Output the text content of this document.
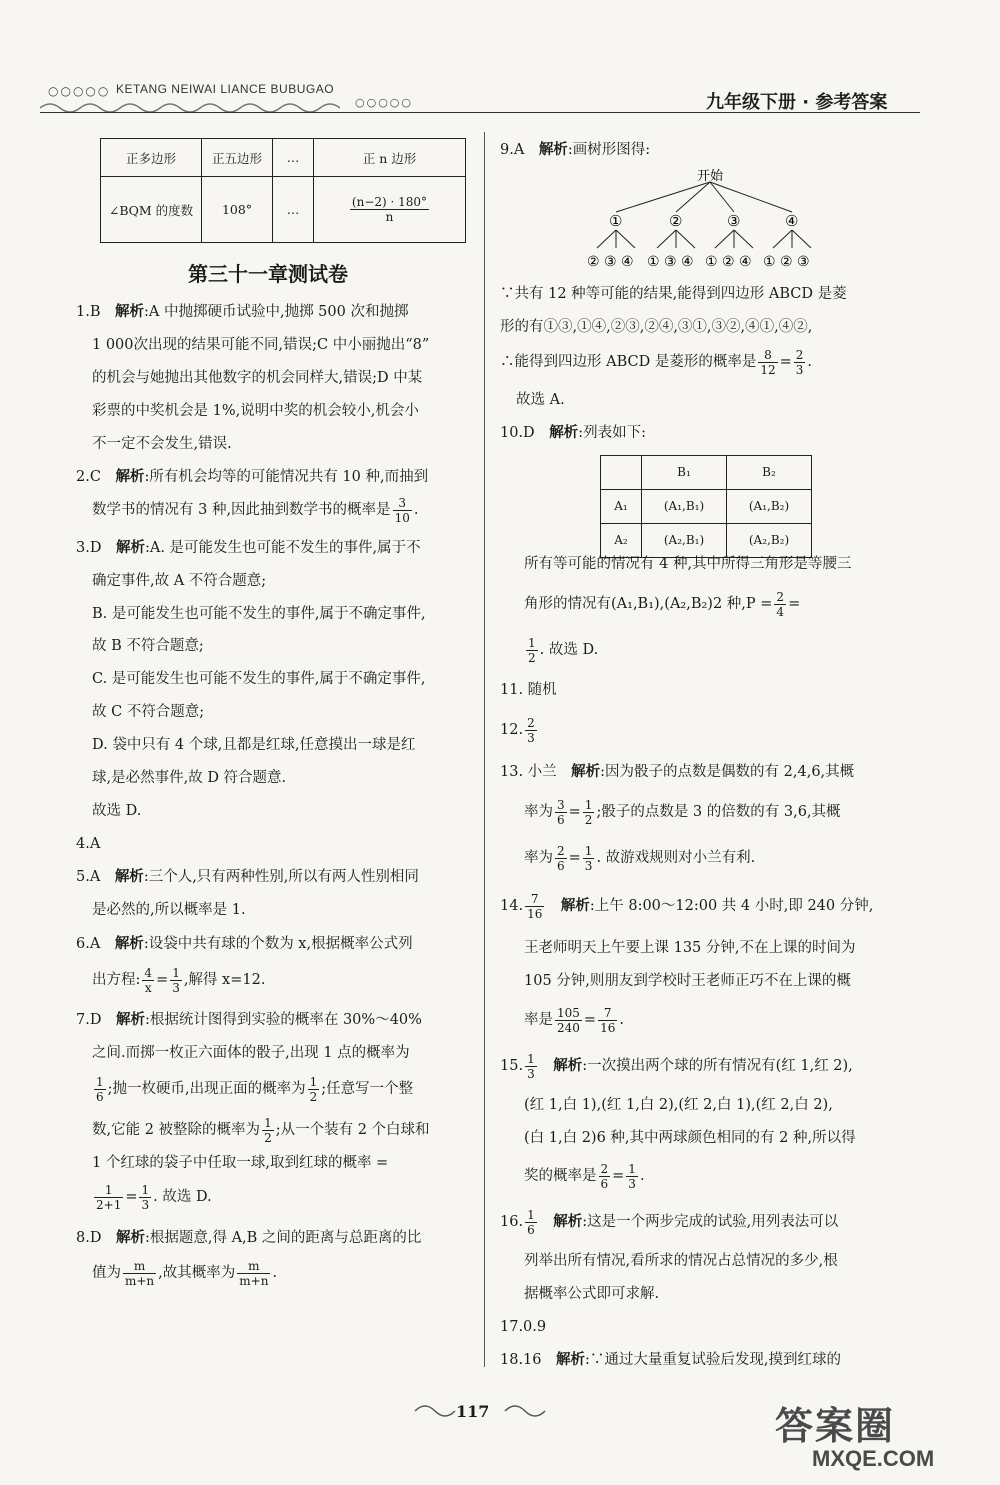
○○○○○ KETANG NEIWAI LIANCE BUBUGAO
○○○○○	九年级下册 · 参考答案
正多边形	正五边形	…	正 n 边形
∠BQM 的度数	108°	…	$\frac{(n-2) \cdot 180^\circ}{n}$
第三十一章测试卷
1.B　解析:A 中抛掷硬币试验中,抛掷 500 次和抛掷
1 000次出现的结果可能不同,错误;C 中小丽抛出“8”
的机会与她抛出其他数字的机会同样大,错误;D 中某
彩票的中奖机会是 1%,说明中奖的机会较小,机会小
不一定不会发生,错误.
2.C　解析:所有机会均等的可能情况共有 10 种,而抽到
数学书的情况有 3 种,因此抽到数学书的概率是 $\frac{3}{10}$ .
3.D　解析:A. 是可能发生也可能不发生的事件,属于不
确定事件,故 A 不符合题意;
B. 是可能发生也可能不发生的事件,属于不确定事件,
故 B 不符合题意;
C. 是可能发生也可能不发生的事件,属于不确定事件,
故 C 不符合题意;
D. 袋中只有 4 个球,且都是红球,任意摸出一球是红
球,是必然事件,故 D 符合题意.
故选 D.
4.A
5.A　解析:三个人,只有两种性别,所以有两人性别相同
是必然的,所以概率是 1.
6.A　解析:设袋中共有球的个数为 x,根据概率公式列
出方程: $\frac{4}{x} = \frac{1}{3}$ ,解得 x=12.
7.D　解析:根据统计图得到实验的概率在 30%～40%
之间.而掷一枚正六面体的骰子,出现 1 点的概率为
$\frac{1}{6}$ ;抛一枚硬币,出现正面的概率为 $\frac{1}{2}$ ;任意写一个整
数,它能 2 被整除的概率为 $\frac{1}{2}$ ;从一个装有 2 个白球和
1 个红球的袋子中任取一球,取到红球的概率 =
$\frac{1}{2+1} = \frac{1}{3}$ . 故选 D.
8.D　解析:根据题意,得 A,B 之间的距离与总距离的比
值为 $\frac{m}{m+n}$ ,故其概率为 $\frac{m}{m+n}$ .
9.A　解析:画树形图得:
开始
①	②	③	④
② ③ ④ ① ③ ④ ① ② ④ ① ② ③
∵共有 12 种等可能的结果,能得到四边形 ABCD 是菱
形的有①③,①④,②③,②④,③①,③②,④①,④②,
∴能得到四边形 ABCD 是菱形的概率是 $\frac{8}{12} = \frac{2}{3}$ .
故选 A.
10.D　解析:列表如下:
	B₁	B₂
A₁	(A₁,B₁)	(A₁,B₂)
A₂	(A₂,B₁)	(A₂,B₂)
所有等可能的情况有 4 种,其中所得三角形是等腰三
角形的情况有(A₁,B₁),(A₂,B₂)2 种$,P = \frac{2}{4}$ =
$\frac{1}{2}$ . 故选 D.
11. 随机
12. $\frac{2}{3}$
13. 小兰　解析:因为骰子的点数是偶数的有 2,4,6,其概
率为 $\frac{3}{6} = \frac{1}{2}$ ;骰子的点数是 3 的倍数的有 3,6,其概
率为 $\frac{2}{6} = \frac{1}{3}$ . 故游戏规则对小兰有利.
14. $\frac{7}{16}$
　 解析:上午 8:00～12:00 共 4 小时,即 240 分钟,
王老师明天上午要上课 135 分钟,不在上课的时间为
105 分钟,则朋友到学校时王老师正巧不在上课的概
率是 $\frac{105}{240} = \frac{7}{16}$ .
15. $\frac{1}{3}$
　 解析:一次摸出两个球的所有情况有(红 1,红 2),
(红 1,白 1),(红 1,白 2),(红 2,白 1),(红 2,白 2),
(白 1,白 2)6 种,其中两球颜色相同的有 2 种,所以得
奖的概率是 $\frac{2}{6} = \frac{1}{3}$ .
16. $\frac{1}{6}$
　 解析:这是一个两步完成的试验,用列表法可以
列举出所有情况,看所求的情况占总情况的多少,根
据概率公式即可求解.
17.0.9
18.16　解析:∵通过大量重复试验后发现,摸到红球的
117	答案圈
MXQE.COM
